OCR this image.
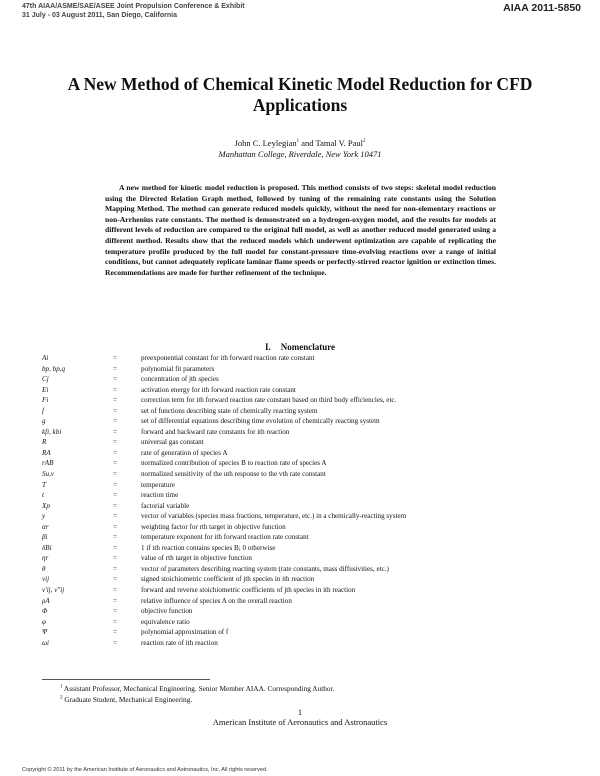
47th AIAA/ASME/SAE/ASEE Joint Propulsion Conference & Exhibit
31 July - 03 August 2011, San Diego, California
AIAA 2011-5850
A New Method of Chemical Kinetic Model Reduction for CFD Applications
John C. Leylegian$^1$ and Tamal V. Paul$^2$
Manhattan College, Riverdale, New York 10471

A new method for kinetic model reduction is proposed. This method consists of two steps: skeletal model reduction using the Directed Relation Graph method, followed by tuning of the remaining rate constants using the Solution Mapping Method. The method can generate reduced models quickly, without the need for non-elementary reactions or non-Arrhenius rate constants. The method is demonstrated on a hydrogen-oxygen model, and the results for models at different levels of reduction are compared to the original full model, as well as another reduced model generated using a different method. Results show that the reduced models which underwent optimization are capable of replicating the temperature profile produced by the full model for constant-pressure time-evolving reactions over a range of initial conditions, but cannot adequately replicate laminar flame speeds or perfectly-stirred reactor ignition or extinction times. Recommendations are made for further refinement of the technique.

I. Nomenclature
Ai	=	preexponential constant for ith forward reaction rate constant
bp, bp,q	=	polynomial fit parameters
Cj	=	concentration of jth species
Ei	=	activation energy for ith forward reaction rate constant
Fi	=	correction term for ith forward reaction rate constant based on third body efficiencies, etc.
f	=	set of functions describing state of chemically reacting system
g	=	set of differential equations describing time evolution of chemically reacting system
kfi, kbi	=	forward and backward rate constants for ith reaction
R	=	universal gas constant
RA	=	rate of generation of species A
rAB	=	normalized contribution of species B to reaction rate of species A
Su,v	=	normalized sensitivity of the uth response to the vth rate constant
T	=	temperature
t	=	reaction time
Xp	=	factorial variable
y	=	vector of variables (species mass fractions, temperature, etc.) in a chemically-reacting system
αr	=	weighting factor for rth target in objective function
βi	=	temperature exponent for ith forward reaction rate constant
δBi	=	1 if ith reaction contains species B; 0 otherwise
ηr	=	value of rth target in objective function
θ	=	vector of parameters describing reacting system (rate constants, mass diffusivities, etc.)
νij	=	signed stoichiometric coefficient of jth species in ith reaction
ν′ij, ν″ij	=	forward and reverse stoichiometric coefficients of jth species in ith reaction
ρA	=	relative influence of species A on the overall reaction
Φ	=	objective function
φ	=	equivalence ratio
Ψ	=	polynomial approximation of f
ωi	=	reaction rate of ith reaction
$^1$ Assistant Professor, Mechanical Engineering. Senior Member AIAA. Corresponding Author.
$^2$ Graduate Student, Mechanical Engineering.
1
American Institute of Aeronautics and Astronautics
Copyright © 2011 by the American Institute of Aeronautics and Astronautics, Inc. All rights reserved.
